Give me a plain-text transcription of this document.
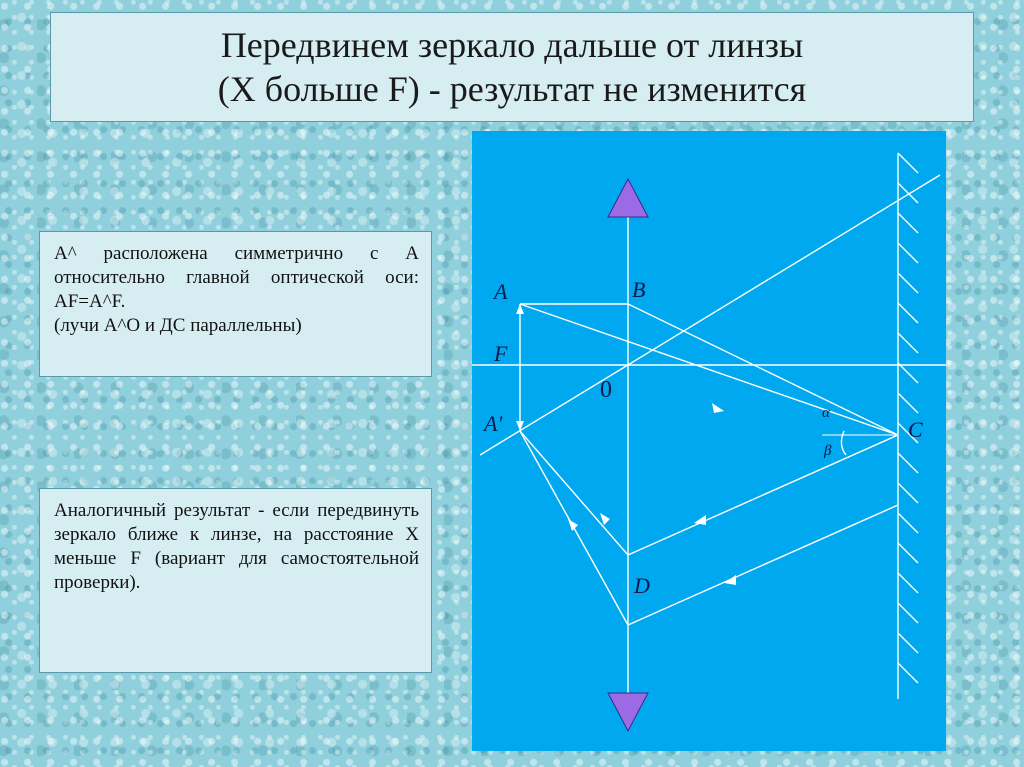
Передвинем зеркало дальше от линзы
(X больше F) - результат не изменится

А^ расположена симметрично с А относительно главной оптической оси: АF=А^F.

(лучи А^О и ДС параллельны)

Аналогичный результат - если передвинуть зеркало ближе к линзе, на расстояние X меньше F (вариант для самостоятельной проверки).

A
A'
B
F
0
C
D
α
β
